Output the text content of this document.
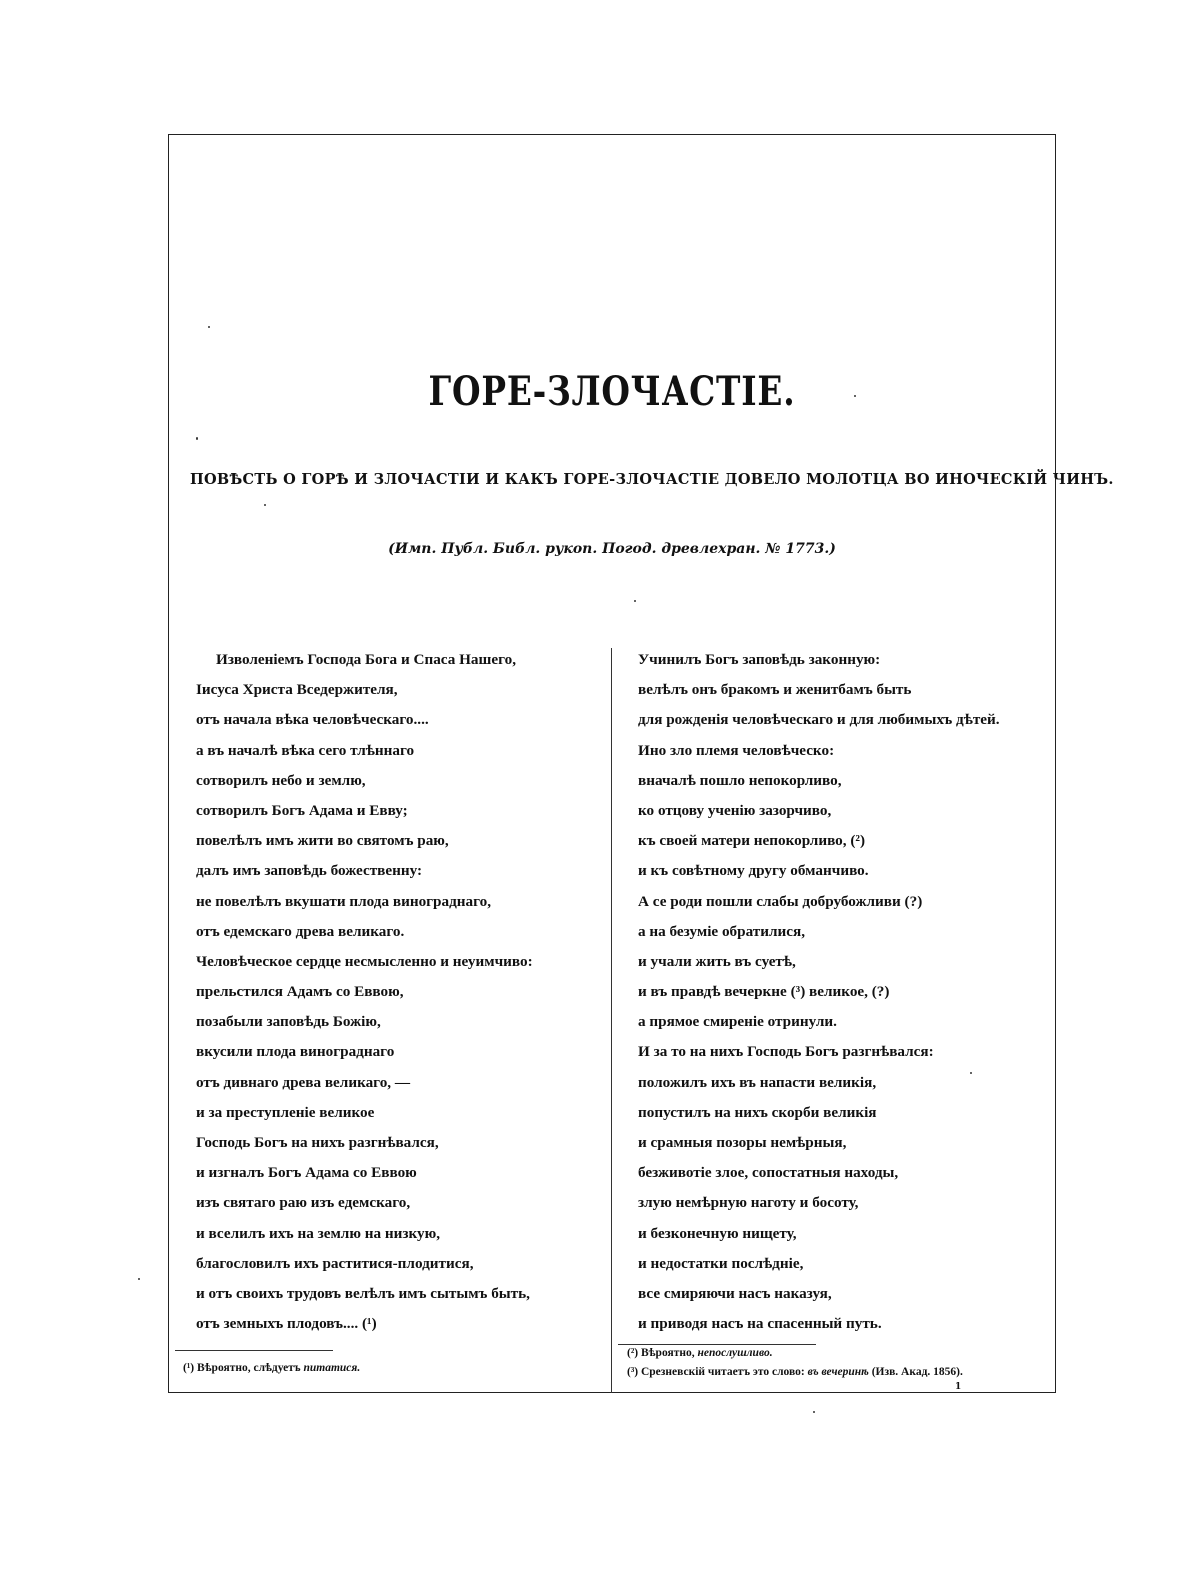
ГОРЕ-ЗЛОЧАСТІЕ.
ПОВѢСТЬ О ГОРѢ И ЗЛОЧАСТІИ И КАКЪ ГОРЕ-ЗЛОЧАСТІЕ ДОВЕЛО МОЛОТЦА ВО ИНОЧЕСКІЙ ЧИНЪ.
(Имп. Публ. Библ. рукоп. Погод. древлехран. № 1773.)
Изволеніемъ Господа Бога и Спаса Нашего,
Іисуса Христа Вседержителя,
отъ начала вѣка человѣческаго....
а въ началѣ вѣка сего тлѣннаго
сотворилъ небо и землю,
сотворилъ Богъ Адама и Евву;
повелѣлъ имъ жити во святомъ раю,
далъ имъ заповѣдь божественну:
не повелѣлъ вкушати плода винограднаго,
отъ едемскаго древа великаго.
Человѣческое сердце несмысленно и неуимчиво:
прельстился Адамъ со Еввою,
позабыли заповѣдь Божію,
вкусили плода винограднаго
отъ дивнаго древа великаго, —
и за преступленіе великое
Господь Богъ на нихъ разгнѣвался,
и изгналъ Богъ Адама со Еввою
изъ святаго раю изъ едемскаго,
и вселилъ ихъ на землю на низкую,
благословилъ ихъ раститися-плодитися,
и отъ своихъ трудовъ велѣлъ имъ сытымъ быть,
отъ земныхъ плодовъ.... (¹)
Учинилъ Богъ заповѣдь законную:
велѣлъ онъ бракомъ и женитбамъ быть
для рожденія человѣческаго и для любимыхъ дѣтей.
Ино зло племя человѣческо:
вначалѣ пошло непокорливо,
ко отцову ученію зазорчиво,
къ своей матери непокорливо, (²)
и къ совѣтному другу обманчиво.
А се роди пошли слабы добрубожливи (?)
а на безуміе обратилися,
и учали жить въ суетѣ,
и въ правдѣ вечеркне (³) великое, (?)
а прямое смиреніе отринули.
И за то на нихъ Господь Богъ разгнѣвался:
положилъ ихъ въ напасти великія,
попустилъ на нихъ скорби великія
и срамныя позоры немѣрныя,
безживотіе злое, сопостатныя находы,
злую немѣрную наготу и босоту,
и безконечную нищету,
и недостатки послѣдніе,
все смиряючи насъ наказуя,
и приводя насъ на спасенный путь.
(¹) Вѣроятно, слѣдуетъ питатися.
(²) Вѣроятно, непослушливо.
(³) Срезневскій читаетъ это слово: въ вечеринѣ (Изв. Акад. 1856).
1
